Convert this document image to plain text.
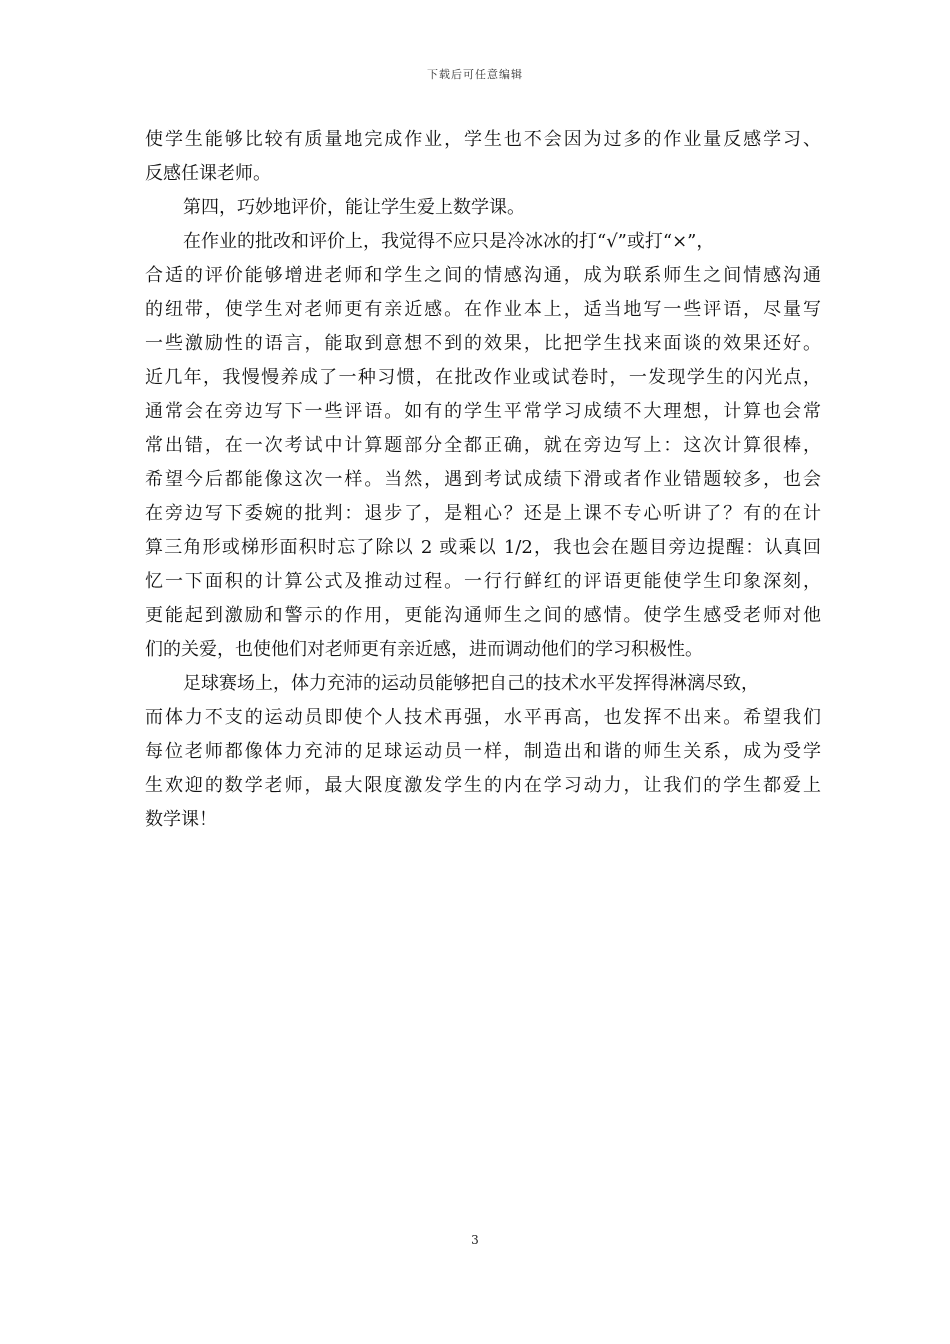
下载后可任意编辑
使学生能够比较有质量地完成作业，学生也不会因为过多的作业量反感学习、
反感任课老师。
第四，巧妙地评价，能让学生爱上数学课。
在作业的批改和评价上，我觉得不应只是冷冰冰的打“√”或打“×”，
合适的评价能够增进老师和学生之间的情感沟通，成为联系师生之间情感沟通
的纽带，使学生对老师更有亲近感。在作业本上，适当地写一些评语，尽量写
一些激励性的语言，能取到意想不到的效果，比把学生找来面谈的效果还好。
近几年，我慢慢养成了一种习惯，在批改作业或试卷时，一发现学生的闪光点，
通常会在旁边写下一些评语。如有的学生平常学习成绩不大理想，计算也会常
常出错，在一次考试中计算题部分全都正确，就在旁边写上：这次计算很棒，
希望今后都能像这次一样。当然，遇到考试成绩下滑或者作业错题较多，也会
在旁边写下委婉的批判：退步了，是粗心？还是上课不专心听讲了？有的在计
算三角形或梯形面积时忘了除以 2 或乘以 1/2，我也会在题目旁边提醒：认真回
忆一下面积的计算公式及推动过程。一行行鲜红的评语更能使学生印象深刻，
更能起到激励和警示的作用，更能沟通师生之间的感情。使学生感受老师对他
们的关爱，也使他们对老师更有亲近感，进而调动他们的学习积极性。
足球赛场上，体力充沛的运动员能够把自己的技术水平发挥得淋漓尽致，
而体力不支的运动员即使个人技术再强，水平再高，也发挥不出来。希望我们
每位老师都像体力充沛的足球运动员一样，制造出和谐的师生关系，成为受学
生欢迎的数学老师，最大限度激发学生的内在学习动力，让我们的学生都爱上
数学课！
3
